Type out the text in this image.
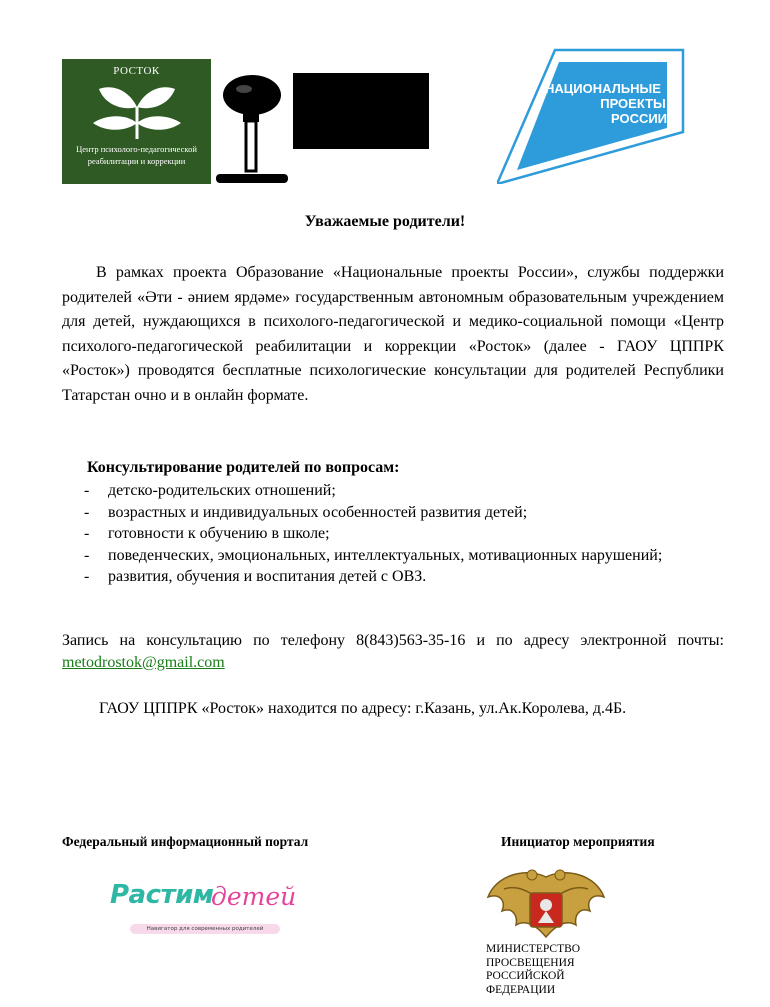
РОСТОК
Центр психолого-педагогической
реабилитации и коррекции
ОБРАЗОВАНИЕ
НАЦИОНАЛЬНЫЕ
ПРОЕКТЫ
РОССИИ
Уважаемые родители!

В рамках проекта Образование «Национальные проекты России», службы поддержки родителей «Әти - әнием ярдәме» государственным автономным образовательным учреждением для детей, нуждающихся в психолого-педагогической и медико-социальной помощи «Центр психолого-педагогической реабилитации и коррекции «Росток» (далее - ГАОУ ЦППРК «Росток») проводятся бесплатные психологические консультации для родителей Республики Татарстан очно и в онлайн формате.

Консультирование родителей по вопросам:
- детско-родительских отношений;
- возрастных и индивидуальных особенностей развития детей;
- готовности к обучению в школе;
- поведенческих, эмоциональных, интеллектуальных, мотивационных нарушений;
- развития, обучения и воспитания детей с ОВЗ.

Запись на консультацию по телефону 8(843)563-35-16 и по адресу электронной почты: metodrostok@gmail.com

ГАОУ ЦППРК «Росток» находится по адресу: г.Казань, ул.Ак.Королева, д.4Б.

Федеральный информационный портал	Инициатор мероприятия
Растим
детей
Навигатор для современных родителей
МИНИСТЕРСТВО
ПРОСВЕЩЕНИЯ
РОССИЙСКОЙ
ФЕДЕРАЦИИ
